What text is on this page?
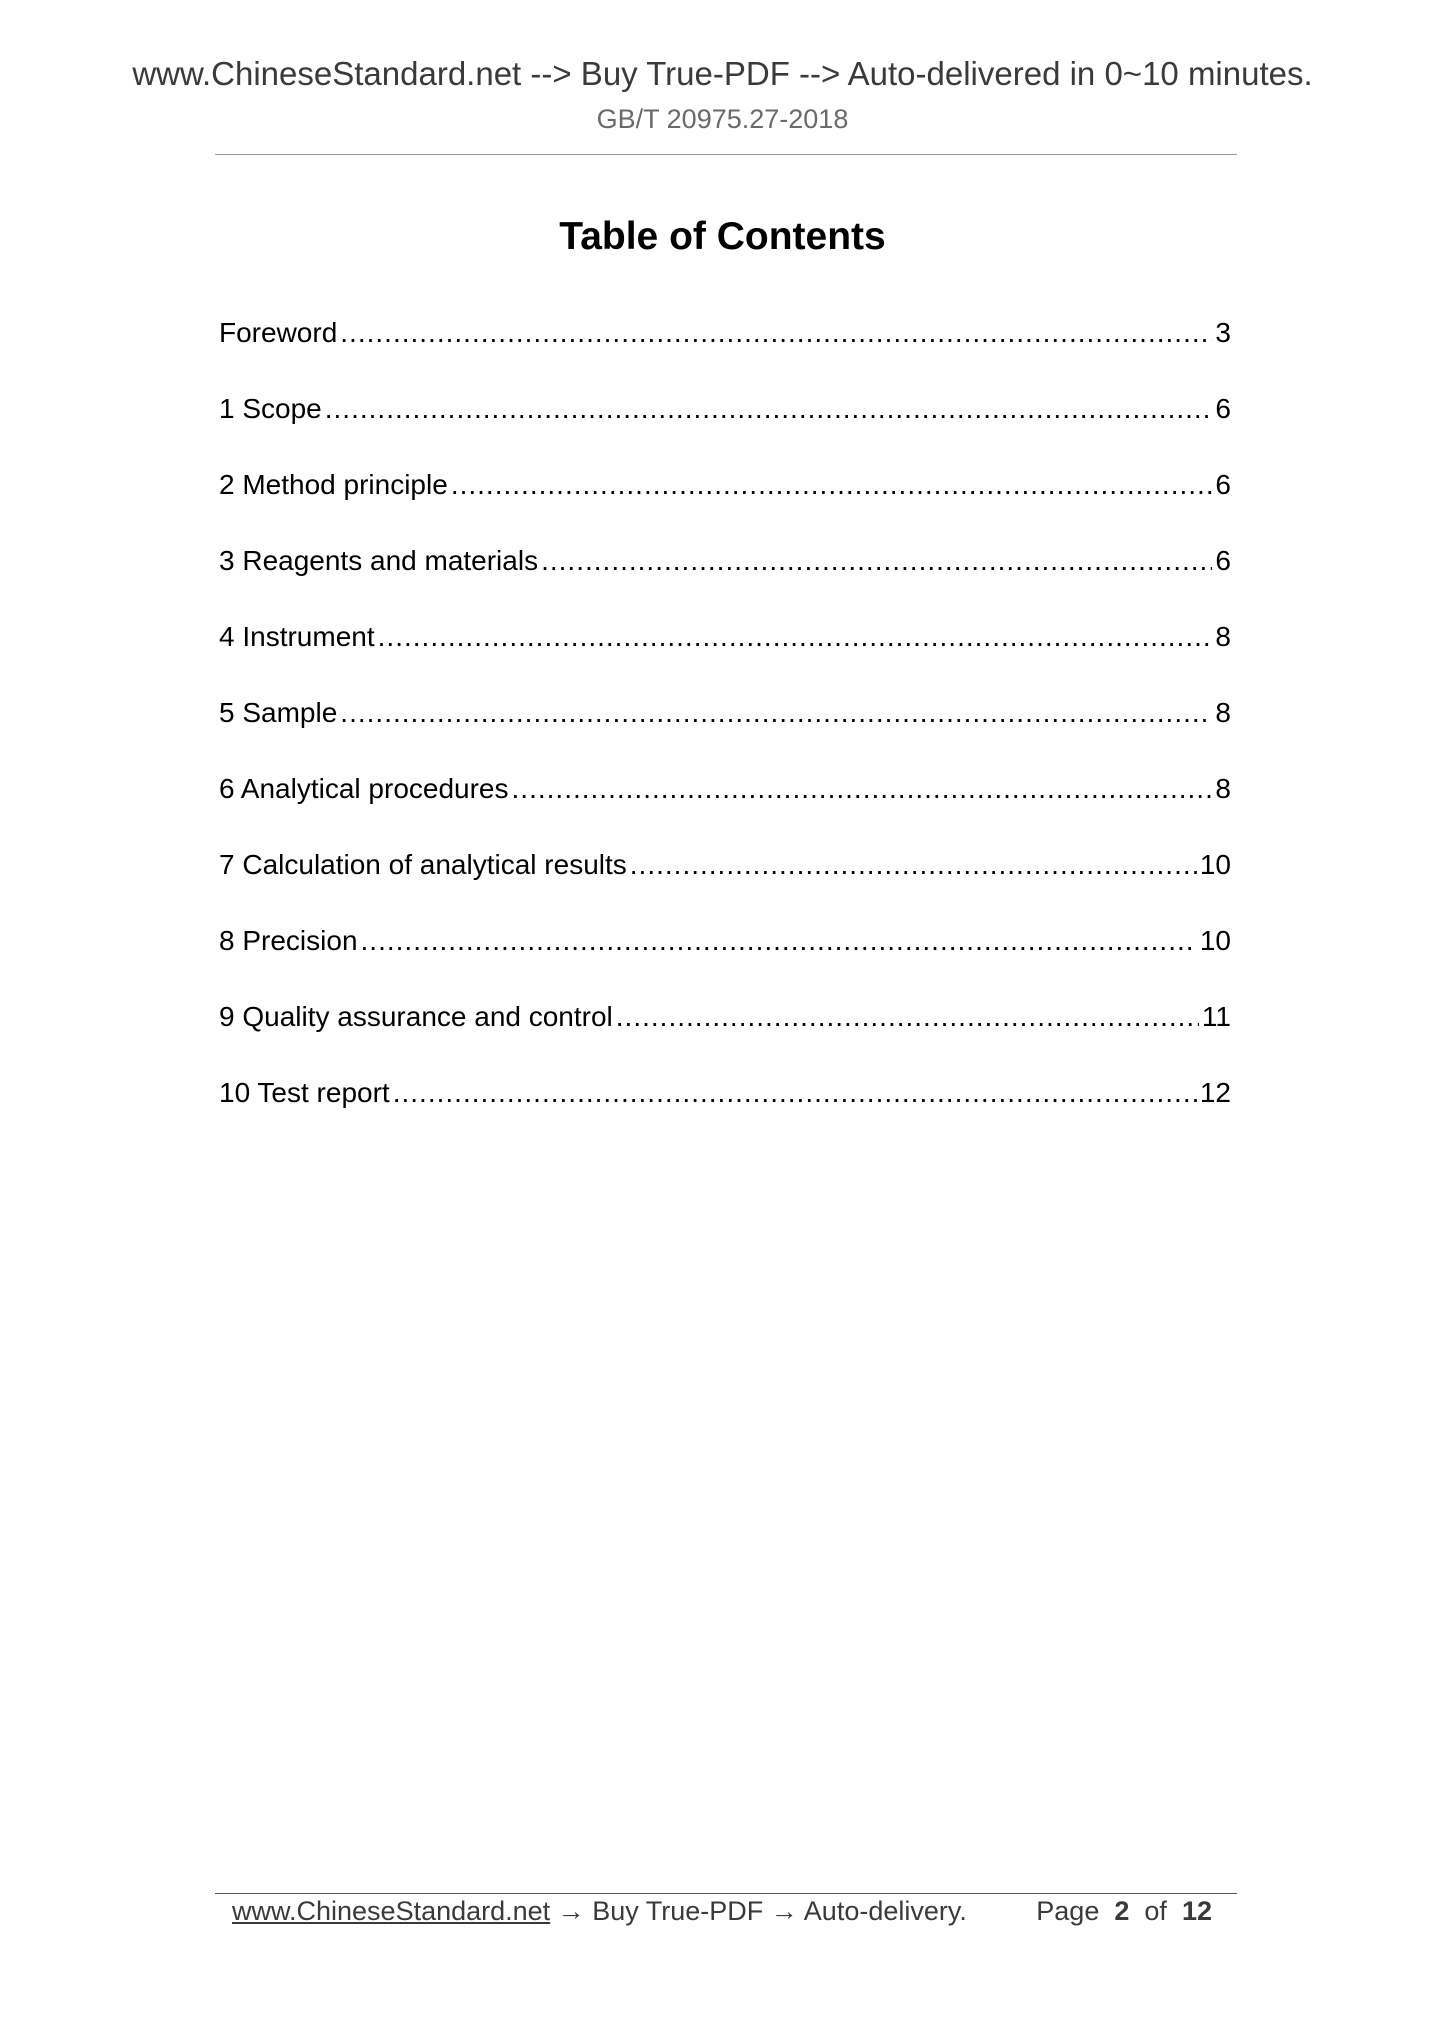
www.ChineseStandard.net --> Buy True-PDF --> Auto-delivered in 0~10 minutes.
GB/T 20975.27-2018
Table of Contents
Foreword .....	3
1 Scope .....	6
2 Method principle .....	6
3 Reagents and materials .....	6
4 Instrument .....	8
5 Sample .....	8
6 Analytical procedures .....	8
7 Calculation of analytical results .....	10
8 Precision .....	10
9 Quality assurance and control .....	11
10 Test report .....	12
www.ChineseStandard.net → Buy True-PDF → Auto-delivery.	Page 2 of 12
